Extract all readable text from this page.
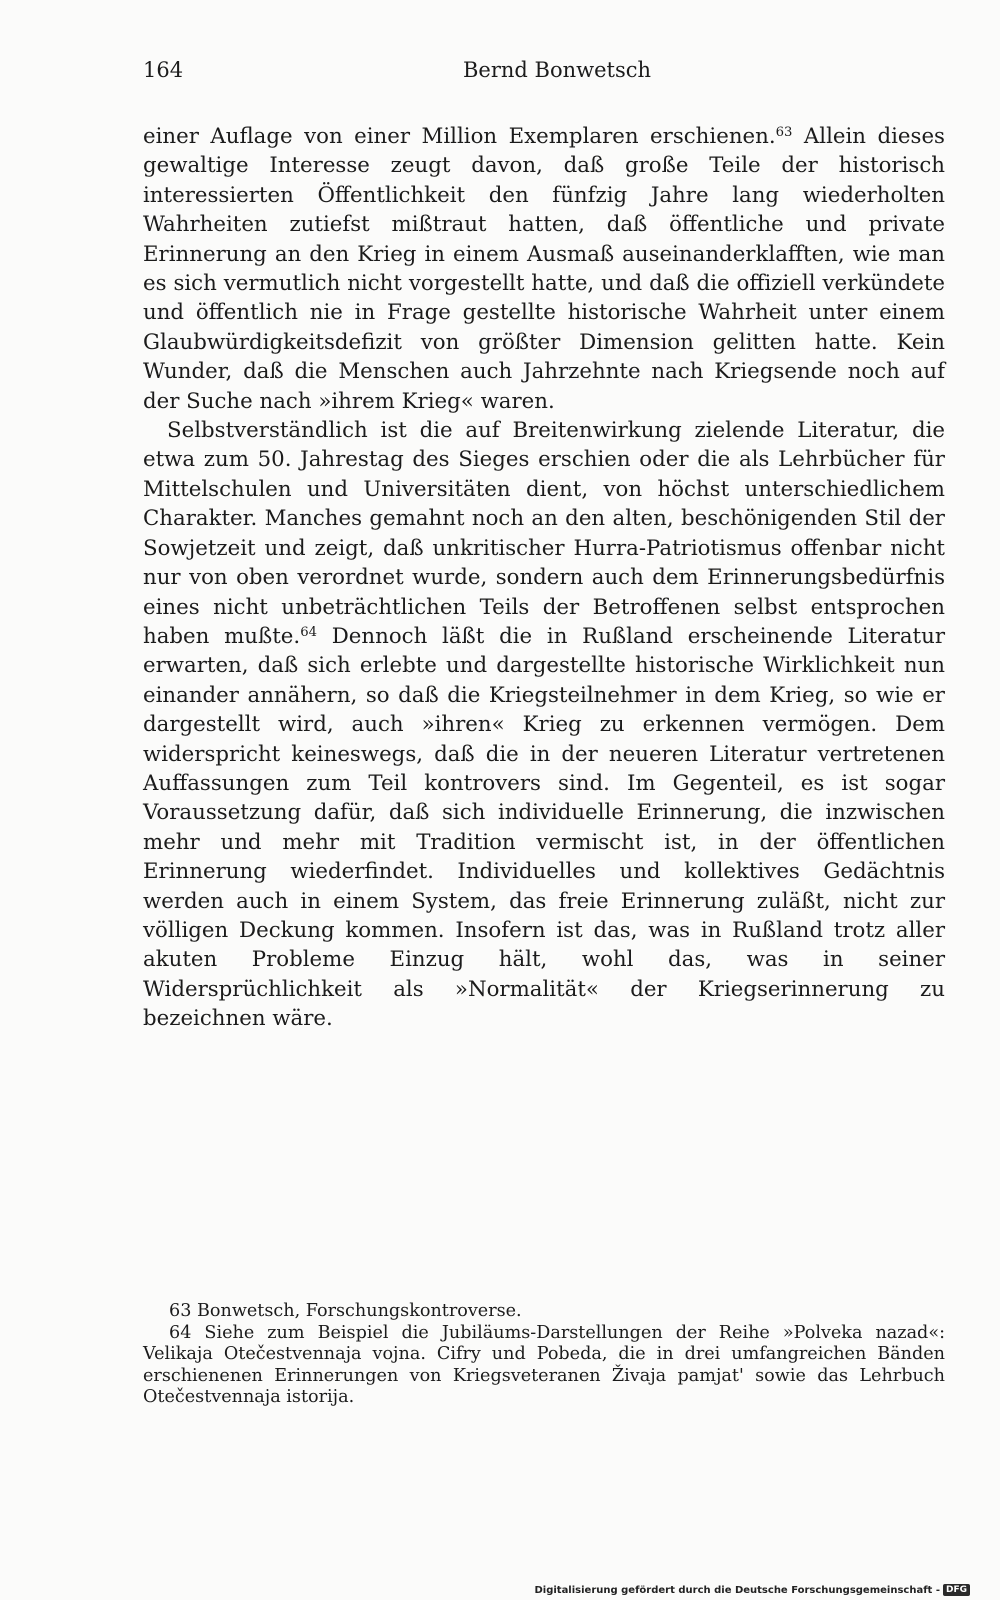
164	Bernd Bonwetsch

einer Auflage von einer Million Exemplaren erschienen.$^{63}$ Allein dieses gewaltige Interesse zeugt davon, daß große Teile der historisch interessierten Öffentlichkeit den fünfzig Jahre lang wiederholten Wahrheiten zutiefst mißtraut hatten, daß öffentliche und private Erinnerung an den Krieg in einem Ausmaß auseinanderklafften, wie man es sich vermutlich nicht vorgestellt hatte, und daß die offiziell verkündete und öffentlich nie in Frage gestellte historische Wahrheit unter einem Glaubwürdigkeitsdefizit von größter Dimension gelitten hatte. Kein Wunder, daß die Menschen auch Jahrzehnte nach Kriegsende noch auf der Suche nach »ihrem Krieg« waren.

Selbstverständlich ist die auf Breitenwirkung zielende Literatur, die etwa zum 50. Jahrestag des Sieges erschien oder die als Lehrbücher für Mittelschulen und Universitäten dient, von höchst unterschiedlichem Charakter. Manches gemahnt noch an den alten, beschönigenden Stil der Sowjetzeit und zeigt, daß unkritischer Hurra-Patriotismus offenbar nicht nur von oben verordnet wurde, sondern auch dem Erinnerungsbedürfnis eines nicht unbeträchtlichen Teils der Betroffenen selbst entsprochen haben mußte.$^{64}$ Dennoch läßt die in Rußland erscheinende Literatur erwarten, daß sich erlebte und dargestellte historische Wirklichkeit nun einander annähern, so daß die Kriegsteilnehmer in dem Krieg, so wie er dargestellt wird, auch »ihren« Krieg zu erkennen vermögen. Dem widerspricht keineswegs, daß die in der neueren Literatur vertretenen Auffassungen zum Teil kontrovers sind. Im Gegenteil, es ist sogar Voraussetzung dafür, daß sich individuelle Erinnerung, die inzwischen mehr und mehr mit Tradition vermischt ist, in der öffentlichen Erinnerung wiederfindet. Individuelles und kollektives Gedächtnis werden auch in einem System, das freie Erinnerung zuläßt, nicht zur völligen Deckung kommen. Insofern ist das, was in Rußland trotz aller akuten Probleme Einzug hält, wohl das, was in seiner Widersprüchlichkeit als »Normalität« der Kriegserinnerung zu bezeichnen wäre.

63 Bonwetsch, Forschungskontroverse.

64 Siehe zum Beispiel die Jubiläums-Darstellungen der Reihe »Polveka nazad«: Velikaja Otečestvennaja vojna. Cifry und Pobeda, die in drei umfangreichen Bänden erschienenen Erinnerungen von Kriegsveteranen Živaja pamjat' sowie das Lehrbuch Otečestvennaja istorija.

Digitalisierung gefördert durch die Deutsche Forschungsgemeinschaft - DFG
